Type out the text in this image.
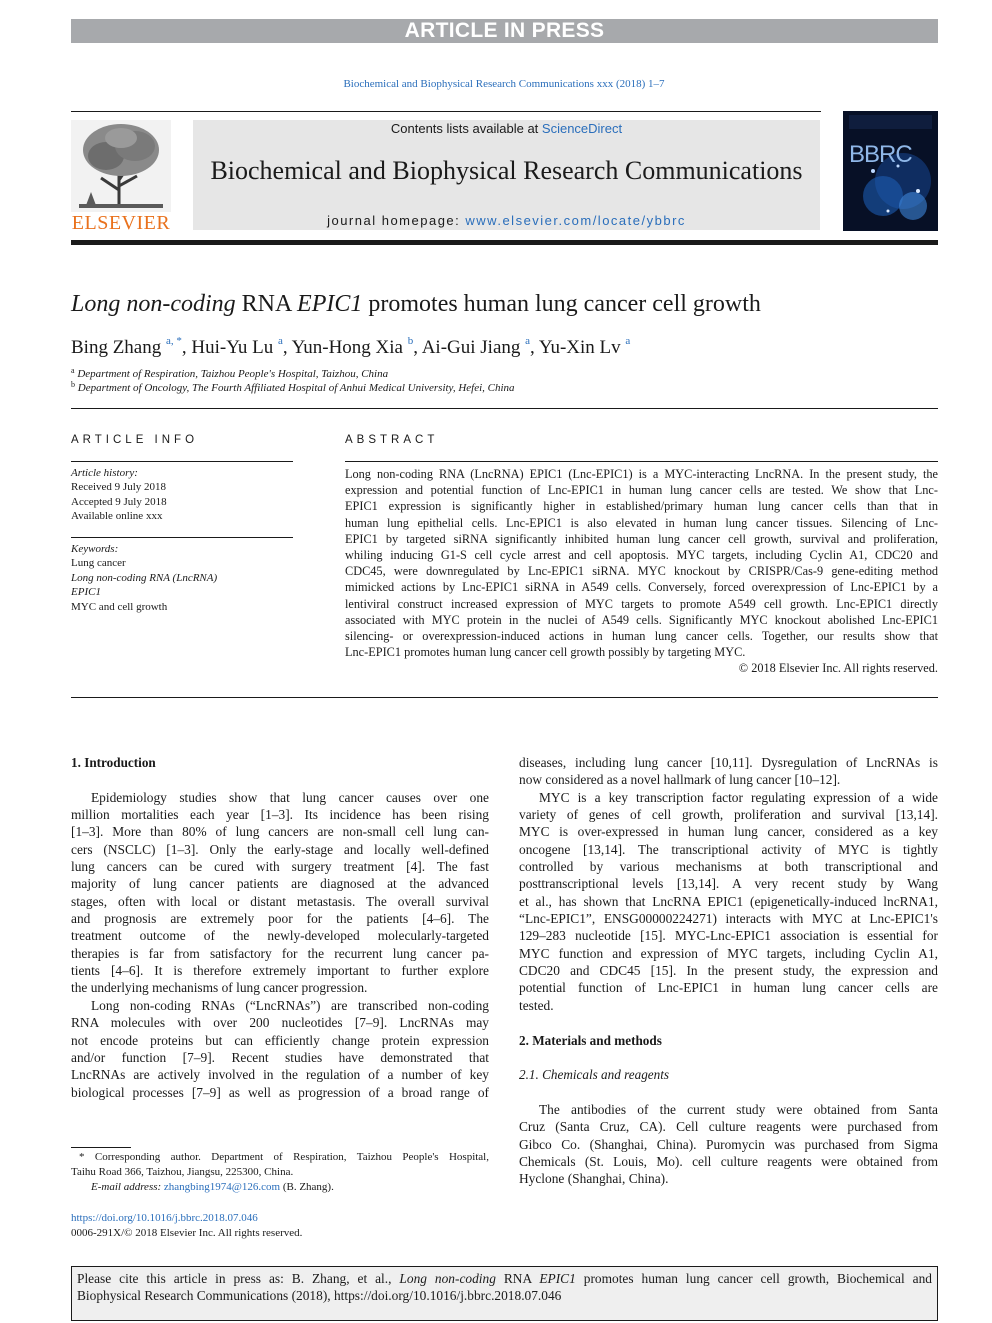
ARTICLE IN PRESS
Biochemical and Biophysical Research Communications xxx (2018) 1–7
ELSEVIER
Contents lists available at ScienceDirect
Biochemical and Biophysical Research Communications
journal homepage: www.elsevier.com/locate/ybbrc
BBRC
Long non-coding RNA EPIC1 promotes human lung cancer cell growth
Bing Zhang $^{a, *}$, Hui-Yu Lu $^a$, Yun-Hong Xia $^b$, Ai-Gui Jiang $^a$, Yu-Xin Lv $^a$
$^a$ Department of Respiration, Taizhou People's Hospital, Taizhou, China
$^b$ Department of Oncology, The Fourth Affiliated Hospital of Anhui Medical University, Hefei, China
ARTICLE INFO
Article history:
Received 9 July 2018
Accepted 9 July 2018
Available online xxx
Keywords:
Lung cancer
Long non-coding RNA (LncRNA)
EPIC1
MYC and cell growth
ABSTRACT
Long non-coding RNA (LncRNA) EPIC1 (Lnc-EPIC1) is a MYC-interacting LncRNA. In the present study, the
expression and potential function of Lnc-EPIC1 in human lung cancer cells are tested. We show that Lnc-
EPIC1 expression is significantly higher in established/primary human lung cancer cells than that in
human lung epithelial cells. Lnc-EPIC1 is also elevated in human lung cancer tissues. Silencing of Lnc-
EPIC1 by targeted siRNA significantly inhibited human lung cancer cell growth, survival and proliferation,
whiling inducing G1-S cell cycle arrest and cell apoptosis. MYC targets, including Cyclin A1, CDC20 and
CDC45, were downregulated by Lnc-EPIC1 siRNA. MYC knockout by CRISPR/Cas-9 gene-editing method
mimicked actions by Lnc-EPIC1 siRNA in A549 cells. Conversely, forced overexpression of Lnc-EPIC1 by a
lentiviral construct increased expression of MYC targets to promote A549 cell growth. Lnc-EPIC1 directly
associated with MYC protein in the nuclei of A549 cells. Significantly MYC knockout abolished Lnc-EPIC1
silencing- or overexpression-induced actions in human lung cancer cells. Together, our results show that
Lnc-EPIC1 promotes human lung cancer cell growth possibly by targeting MYC.
© 2018 Elsevier Inc. All rights reserved.
1. Introduction
Epidemiology studies show that lung cancer causes over one
million mortalities each year [1–3]. Its incidence has been rising
[1–3]. More than 80% of lung cancers are non-small cell lung can-
cers (NSCLC) [1–3]. Only the early-stage and locally well-defined
lung cancers can be cured with surgery treatment [4]. The fast
majority of lung cancer patients are diagnosed at the advanced
stages, often with local or distant metastasis. The overall survival
and prognosis are extremely poor for the patients [4–6]. The
treatment outcome of the newly-developed molecularly-targeted
therapies is far from satisfactory for the recurrent lung cancer pa-
tients [4–6]. It is therefore extremely important to further explore
the underlying mechanisms of lung cancer progression.
Long non-coding RNAs (“LncRNAs”) are transcribed non-coding
RNA molecules with over 200 nucleotides [7–9]. LncRNAs may
not encode proteins but can efficiently change protein expression
and/or function [7–9]. Recent studies have demonstrated that
LncRNAs are actively involved in the regulation of a number of key
biological processes [7–9] as well as progression of a broad range of
diseases, including lung cancer [10,11]. Dysregulation of LncRNAs is
now considered as a novel hallmark of lung cancer [10–12].
MYC is a key transcription factor regulating expression of a wide
variety of genes of cell growth, proliferation and survival [13,14].
MYC is over-expressed in human lung cancer, considered as a key
oncogene [13,14]. The transcriptional activity of MYC is tightly
controlled by various mechanisms at both transcriptional and
posttranscriptional levels [13,14]. A very recent study by Wang
et al., has shown that LncRNA EPIC1 (epigenetically-induced lncRNA1,
“Lnc-EPIC1”, ENSG00000224271) interacts with MYC at Lnc-EPIC1's
129–283 nucleotide [15]. MYC-Lnc-EPIC1 association is essential for
MYC function and expression of MYC targets, including Cyclin A1,
CDC20 and CDC45 [15]. In the present study, the expression and
potential function of Lnc-EPIC1 in human lung cancer cells are
tested.
2. Materials and methods
2.1. Chemicals and reagents
The antibodies of the current study were obtained from Santa
Cruz (Santa Cruz, CA). Cell culture reagents were purchased from
Gibco Co. (Shanghai, China). Puromycin was purchased from Sigma
Chemicals (St. Louis, Mo). cell culture reagents were obtained from
Hyclone (Shanghai, China).
* Corresponding author. Department of Respiration, Taizhou People's Hospital,
Taihu Road 366, Taizhou, Jiangsu, 225300, China.
E-mail address: zhangbing1974@126.com (B. Zhang).
https://doi.org/10.1016/j.bbrc.2018.07.046
0006-291X/© 2018 Elsevier Inc. All rights reserved.
Please cite this article in press as: B. Zhang, et al., Long non-coding RNA EPIC1 promotes human lung cancer cell growth, Biochemical and
Biophysical Research Communications (2018), https://doi.org/10.1016/j.bbrc.2018.07.046
